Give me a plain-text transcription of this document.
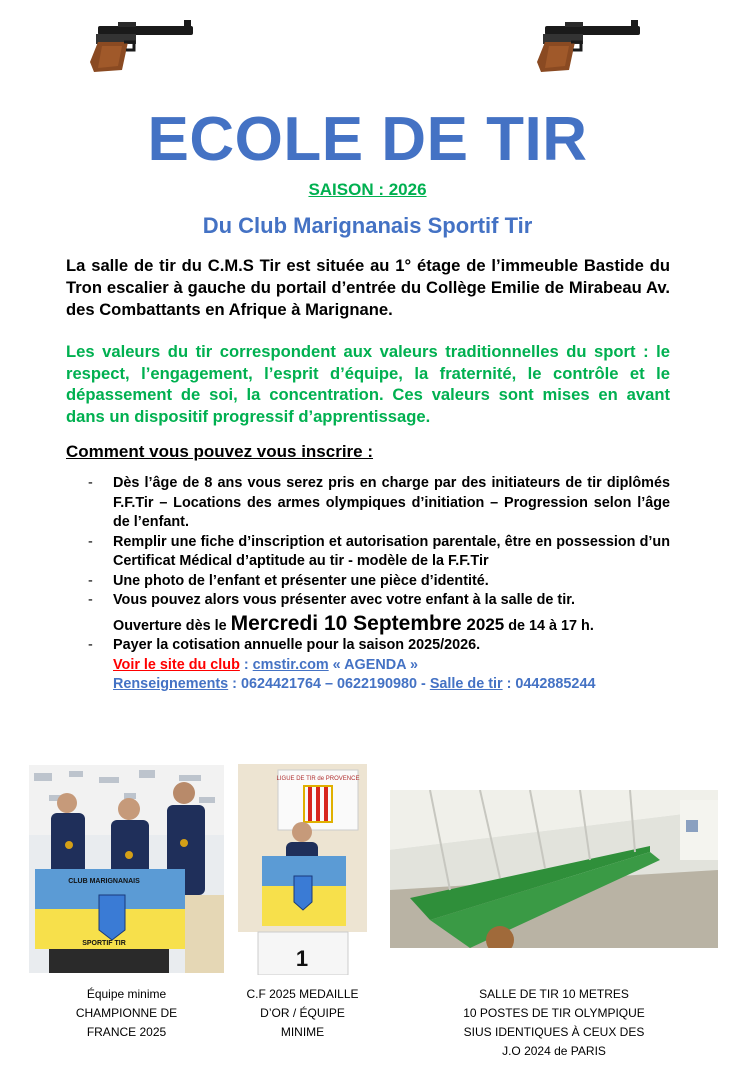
ECOLE DE TIR
SAISON : 2026
Du Club Marignanais Sportif Tir
La salle de tir du C.M.S Tir est située au 1° étage de l’immeuble Bastide du Tron escalier à gauche du portail d’entrée du Collège Emilie de Mirabeau Av. des Combattants en Afrique à Marignane.
Les valeurs du tir correspondent aux valeurs traditionnelles du sport : le respect, l’engagement, l’esprit d’équipe, la fraternité, le contrôle et le dépassement de soi, la concentration. Ces valeurs sont mises en avant dans un dispositif progressif d’apprentissage.
Comment vous pouvez vous inscrire :
- Dès l’âge de 8 ans vous serez pris en charge par des initiateurs de tir diplômés F.F.Tir – Locations des armes olympiques d’initiation – Progression selon l’âge de l’enfant.
- Remplir une fiche d’inscription et autorisation parentale, être en possession d’un Certificat Médical d’aptitude au tir - modèle de la F.F.Tir
- Une photo de l’enfant et présenter une pièce d’identité.
- Vous pouvez alors vous présenter avec votre enfant à la salle de tir.
Ouverture dès le Mercredi 10 Septembre 2025 de 14 à 17 h.
- Payer la cotisation annuelle pour la saison 2025/2026.
Voir le site du club : cmstir.com « AGENDA »
Renseignements : 0624421764 – 0622190980 - Salle de tir : 0442885244
CLUB MARIGNANAIS
SPORTIF TIR
Équipe minime
CHAMPIONNE DE
FRANCE 2025
LIGUE DE TIR de PROVENCE
1
C.F 2025 MEDAILLE
D’OR / ÉQUIPE
MINIME
SALLE DE TIR 10 METRES
10 POSTES DE TIR OLYMPIQUE
SIUS IDENTIQUES À CEUX DES
J.O 2024 de PARIS
